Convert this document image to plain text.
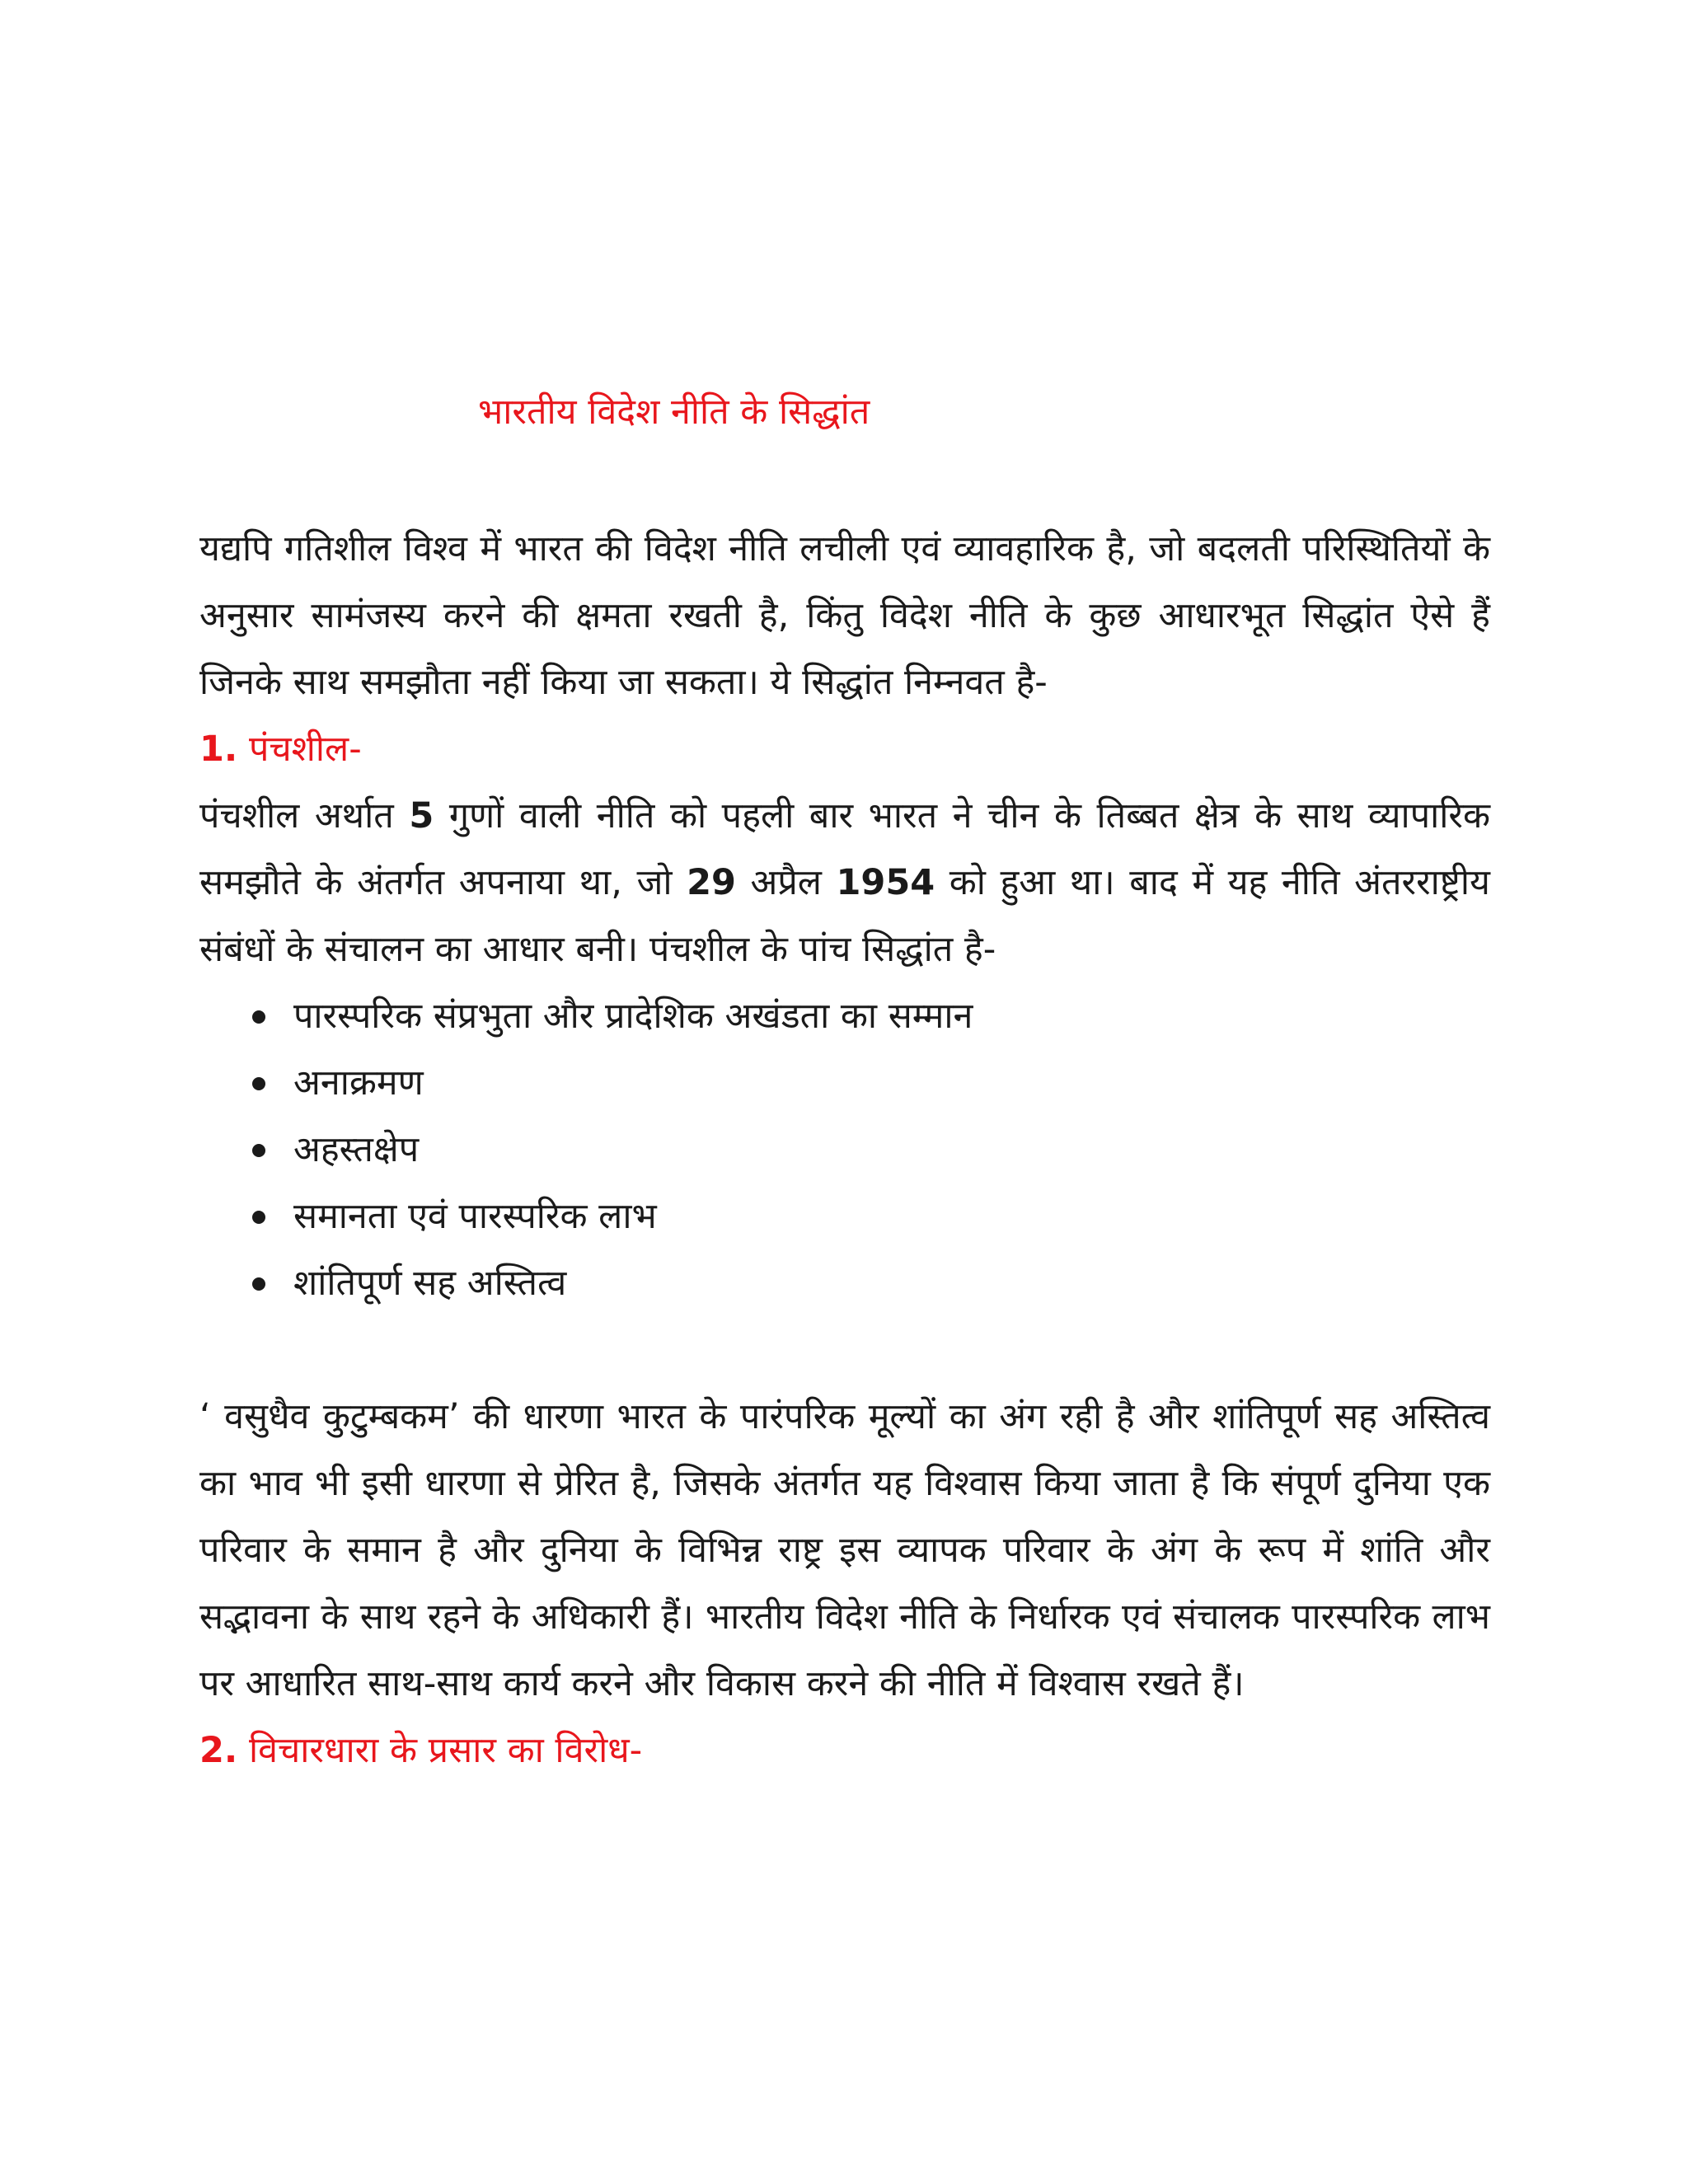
भारतीय विदेश नीति के सिद्धांत

यद्यपि गतिशील विश्व में भारत की विदेश नीति लचीली एवं व्यावहारिक है, जो बदलती परिस्थितियों के अनुसार सामंजस्य करने की क्षमता रखती है, किंतु विदेश नीति के कुछ आधारभूत सिद्धांत ऐसे हैं जिनके साथ समझौता नहीं किया जा सकता। ये सिद्धांत निम्नवत है-

1. पंचशील-

पंचशील अर्थात 5 गुणों वाली नीति को पहली बार भारत ने चीन के तिब्बत क्षेत्र के साथ व्यापारिक समझौते के अंतर्गत अपनाया था, जो 29 अप्रैल 1954 को हुआ था। बाद में यह नीति अंतरराष्ट्रीय संबंधों के संचालन का आधार बनी। पंचशील के पांच सिद्धांत है-

पारस्परिक संप्रभुता और प्रादेशिक अखंडता का सम्मान
अनाक्रमण
अहस्तक्षेप
समानता एवं पारस्परिक लाभ
शांतिपूर्ण सह अस्तित्व

‘ वसुधैव कुटुम्बकम’ की धारणा भारत के पारंपरिक मूल्यों का अंग रही है और शांतिपूर्ण सह अस्तित्व का भाव भी इसी धारणा से प्रेरित है, जिसके अंतर्गत यह विश्वास किया जाता है कि संपूर्ण दुनिया एक परिवार के समान है और दुनिया के विभिन्न राष्ट्र इस व्यापक परिवार के अंग के रूप में शांति और सद्भावना के साथ रहने के अधिकारी हैं। भारतीय विदेश नीति के निर्धारक एवं संचालक पारस्परिक लाभ पर आधारित साथ-साथ कार्य करने और विकास करने की नीति में विश्वास रखते हैं।

2. विचारधारा के प्रसार का विरोध-
